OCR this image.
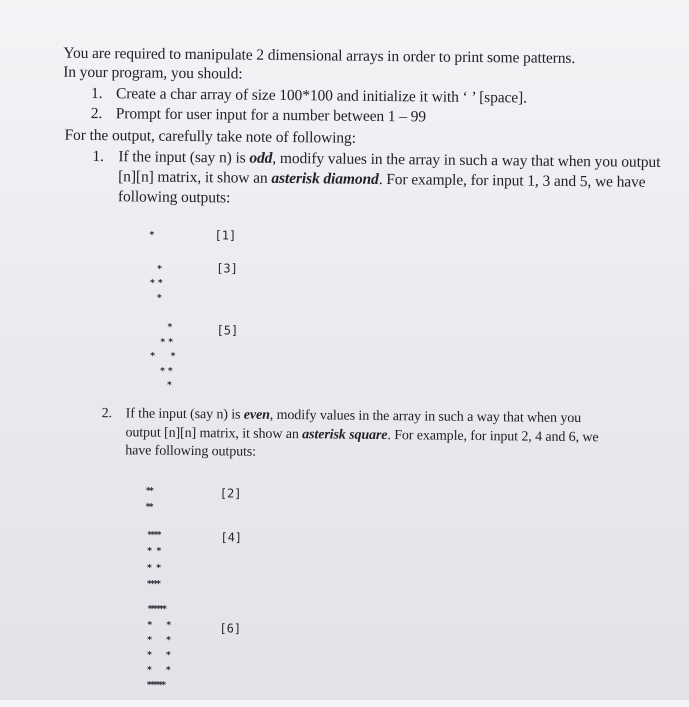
You are required to manipulate 2 dimensional arrays in order to print some patterns.
In your program, you should:
1. Create a char array of size 100*100 and initialize it with ‘ ’ [space].
2. Prompt for user input for a number between 1 – 99
For the output, carefully take note of following:
1. If the input (say n) is odd, modify values in the array in such a way that when you output
[n][n] matrix, it show an asterisk diamond. For example, for input 1, 3 and 5, we have
following outputs:
*	[1]
*
* *
*
[3]
*
* *
*     *
* *
*
[5]
2. If the input (say n) is even, modify values in the array in such a way that when you
output [n][n] matrix, it show an asterisk square. For example, for input 2, 4 and 6, we
have following outputs:
**
**
[2]
****
*    *
*    *
****
[4]
******
*            *
*            *
*            *
*            *
******
[6]
